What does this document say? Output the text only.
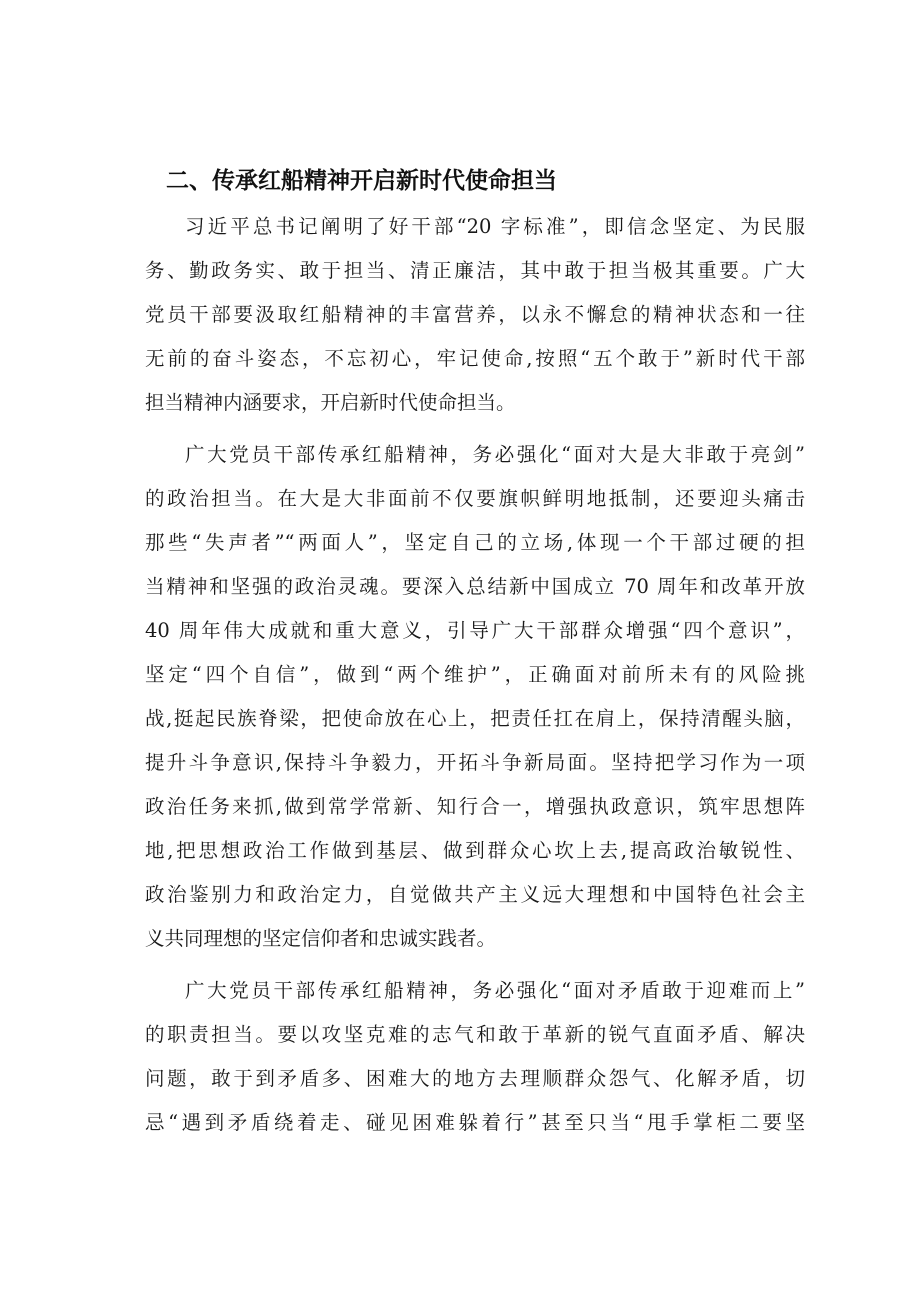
二、传承红船精神开启新时代使命担当

习近平总书记阐明了好干部“20 字标准”，即信念坚定、为民服
务、勤政务实、敢于担当、清正廉洁，其中敢于担当极其重要。广大
党员干部要汲取红船精神的丰富营养，以永不懈怠的精神状态和一往
无前的奋斗姿态，不忘初心，牢记使命,按照“五个敢于”新时代干部
担当精神内涵要求，开启新时代使命担当。

广大党员干部传承红船精神，务必强化“面对大是大非敢于亮剑”
的政治担当。在大是大非面前不仅要旗帜鲜明地抵制，还要迎头痛击
那些“失声者”“两面人”，坚定自己的立场,体现一个干部过硬的担
当精神和坚强的政治灵魂。要深入总结新中国成立 70 周年和改革开放
40 周年伟大成就和重大意义，引导广大干部群众增强“四个意识”，
坚定“四个自信”，做到“两个维护”，正确面对前所未有的风险挑
战,挺起民族脊梁，把使命放在心上，把责任扛在肩上，保持清醒头脑，
提升斗争意识,保持斗争毅力，开拓斗争新局面。坚持把学习作为一项
政治任务来抓,做到常学常新、知行合一，增强执政意识，筑牢思想阵
地,把思想政治工作做到基层、做到群众心坎上去,提高政治敏锐性、
政治鉴别力和政治定力，自觉做共产主义远大理想和中国特色社会主
义共同理想的坚定信仰者和忠诚实践者。

广大党员干部传承红船精神，务必强化“面对矛盾敢于迎难而上”
的职责担当。要以攻坚克难的志气和敢于革新的锐气直面矛盾、解决
问题，敢于到矛盾多、困难大的地方去理顺群众怨气、化解矛盾，切
忌“遇到矛盾绕着走、碰见困难躲着行”甚至只当“甩手掌柜二要坚
